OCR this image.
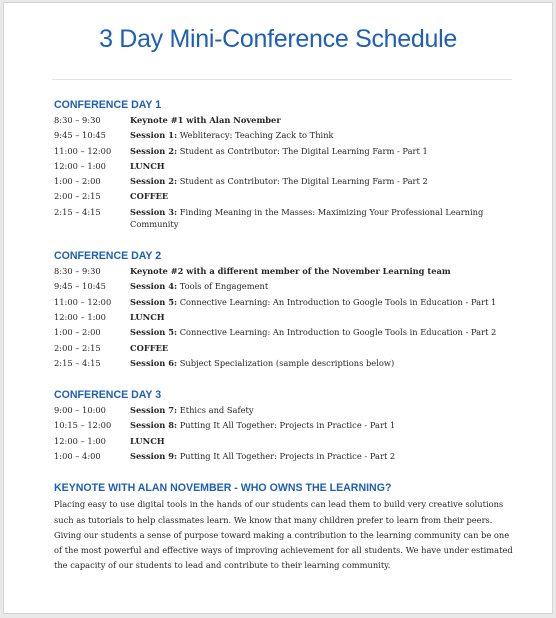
3 Day Mini-Conference Schedule
CONFERENCE DAY 1
8:30 – 9:30	Keynote #1 with Alan November
9:45 – 10:45	Session 1: Webliteracy: Teaching Zack to Think
11:00 – 12:00	Session 2: Student as Contributor: The Digital Learning Farm - Part 1
12:00 – 1:00	LUNCH
1:00 – 2:00	Session 2: Student as Contributor: The Digital Learning Farm - Part 2
2:00 – 2:15	COFFEE
2:15 – 4:15	Session 3: Finding Meaning in the Masses: Maximizing Your Professional Learning Community
CONFERENCE DAY 2
8:30 – 9:30	Keynote #2 with a different member of the November Learning team
9:45 – 10:45	Session 4: Tools of Engagement
11:00 – 12:00	Session 5: Connective Learning: An Introduction to Google Tools in Education - Part 1
12:00 – 1:00	LUNCH
1:00 – 2:00	Session 5: Connective Learning: An Introduction to Google Tools in Education - Part 2
2:00 – 2:15	COFFEE
2:15 – 4:15	Session 6: Subject Specialization (sample descriptions below)
CONFERENCE DAY 3
9:00 – 10:00	Session 7: Ethics and Safety
10:15 – 12:00	Session 8: Putting It All Together: Projects in Practice - Part 1
12:00 – 1:00	LUNCH
1:00 – 4:00	Session 9: Putting It All Together: Projects in Practice - Part 2
KEYNOTE WITH ALAN NOVEMBER - WHO OWNS THE LEARNING?
Placing easy to use digital tools in the hands of our students can lead them to build very creative solutions such as tutorials to help classmates learn. We know that many children prefer to learn from their peers. Giving our students a sense of purpose toward making a contribution to the learning community can be one of the most powerful and effective ways of improving achievement for all students. We have under estimated the capacity of our students to lead and contribute to their learning community.
